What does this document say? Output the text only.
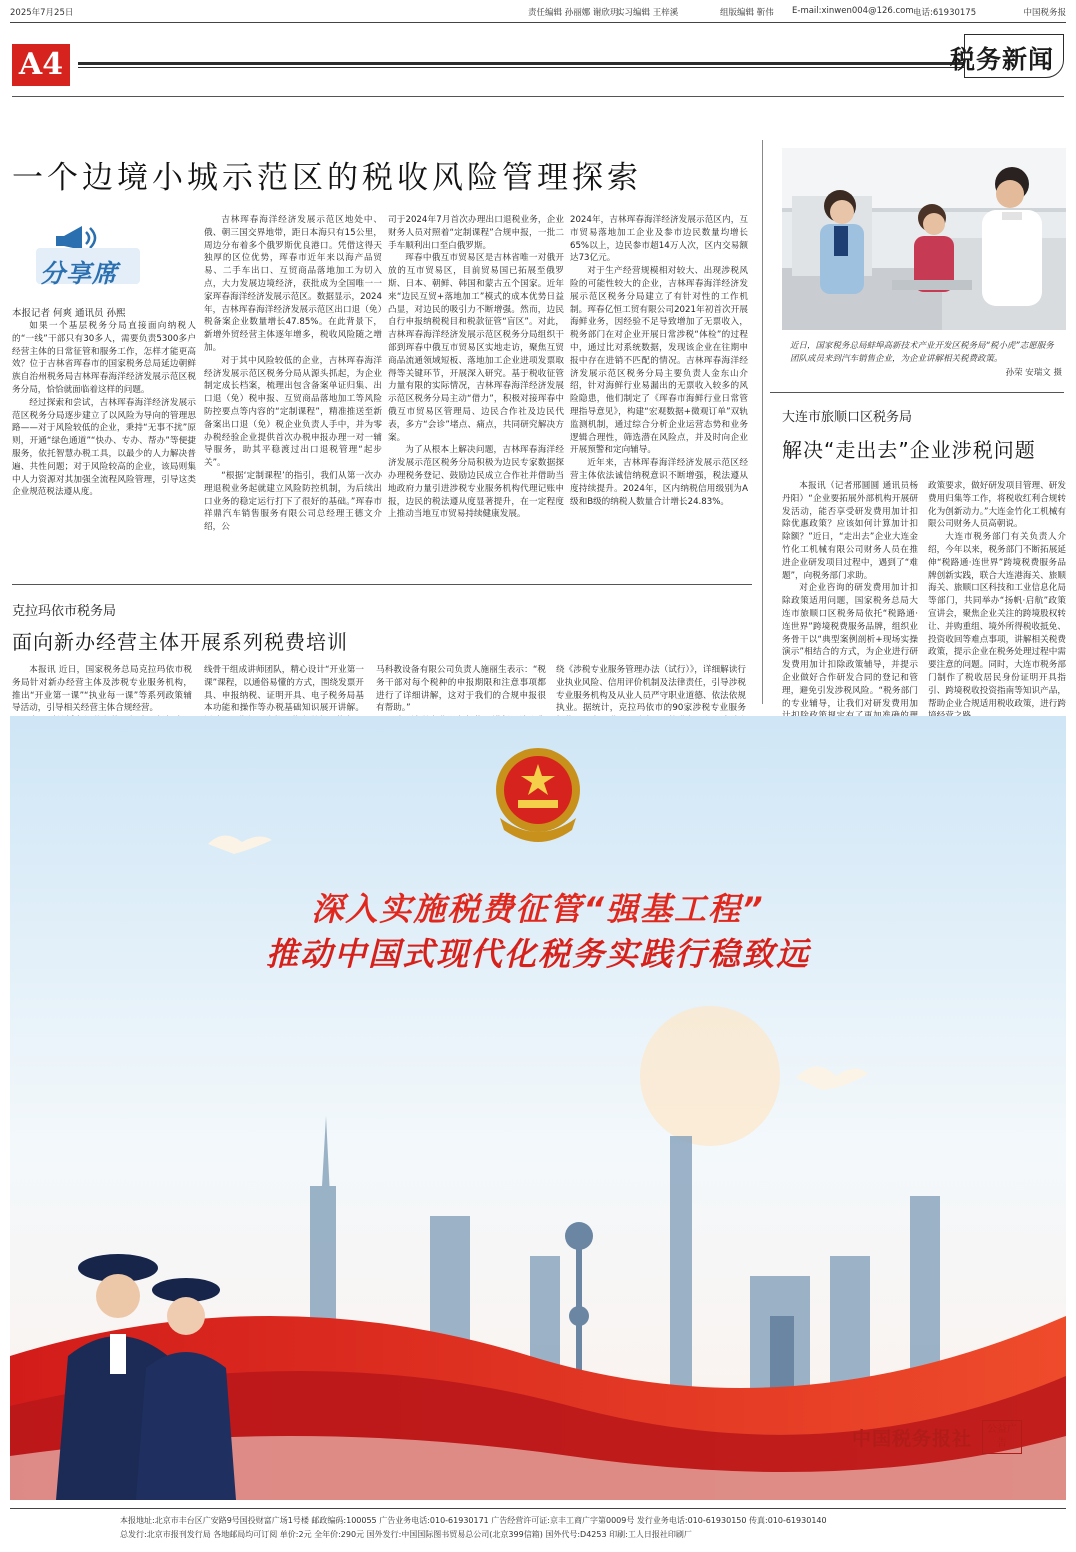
2025年7月25日	责任编辑 孙丽娜 谢欣玥
实习编辑 王梓溪	组版编辑 靳伟 E-mail:xinwen004@126.com 电话:61930175	中国税务报
A4	税务新闻
一个边境小城示范区的税收风险管理探索
分享席
本报记者 何爽 通讯员 孙熙

如果一个基层税务分局直接面向纳税人的“一线”干部只有30多人，需要负责5300多户经营主体的日常征管和服务工作，怎样才能更高效？位于吉林省珲春市的国家税务总局延边朝鲜族自治州税务局吉林珲春海洋经济发展示范区税务分局，恰恰就面临着这样的问题。

经过探索和尝试，吉林珲春海洋经济发展示范区税务分局逐步建立了以风险为导向的管理思路——对于风险较低的企业，秉持“无事不扰”原则，开通“绿色通道”“快办、专办、帮办”等便捷服务，依托智慧办税工具，以最少的人力解决普遍、共性问题；对于风险较高的企业，该局则集中人力资源对其加强全流程风险管理，引导这类企业规范税法遵从度。

吉林珲春海洋经济发展示范区地处中、俄、朝三国交界地带，距日本海只有15公里，周边分布着多个俄罗斯优良港口。凭借这得天独厚的区位优势，珲春市近年来以海产品贸易、二手车出口、互贸商品落地加工为切入点，大力发展边境经济，获批成为全国唯一一家珲春海洋经济发展示范区。数据显示，2024年，吉林珲春海洋经济发展示范区出口退（免）税备案企业数量增长47.85%。在此背景下，新增外贸经营主体逐年增多，税收风险随之增加。

对于其中风险较低的企业，吉林珲春海洋经济发展示范区税务分局从源头抓起，为企业制定成长档案，梳理出包含备案单证归集、出口退（免）税申报、互贸商品落地加工等风险防控要点等内容的“定制课程”，精准推送至新备案出口退（免）税企业负责人手中，并为零办税经验企业提供首次办税申报办理一对一辅导服务，助其平稳渡过出口退税管理“起步关”。

“根据‘定制课程’的指引，我们从第一次办理退税业务起就建立风险防控机制，为后续出口业务的稳定运行打下了很好的基础。”珲春市祥鼎汽车销售服务有限公司总经理王德文介绍，公

司于2024年7月首次办理出口退税业务，企业财务人员对照着“定制课程”合规申报，一批二手车顺利出口至白俄罗斯。

珲春中俄互市贸易区是吉林省唯一对俄开放的互市贸易区，目前贸易国已拓展至俄罗斯、日本、朝鲜、韩国和蒙古五个国家。近年来“边民互贸+落地加工”模式的成本优势日益凸显，对边民的吸引力不断增强。然而，边民自行申报纳税税目和税款征管“盲区”。对此，吉林珲春海洋经济发展示范区税务分局组织干部到珲春中俄互市贸易区实地走访，聚焦互贸商品流通领域短板、落地加工企业进项发票取得等关键环节，开展深入研究。基于税收征管力量有限的实际情况，吉林珲春海洋经济发展示范区税务分局主动“借力”，积极对接珲春中俄互市贸易区管理局、边民合作社及边民代表，多方“会诊”堵点、痛点，共同研究解决方案。

为了从根本上解决问题，吉林珲春海洋经济发展示范区税务分局积极为边民专家数据探办理税务登记、鼓励边民成立合作社并借助当地政府力量引进涉税专业服务机构代理记账申报，边民的税法遵从度显著提升，在一定程度上推动当地互市贸易持续健康发展。

2024年，吉林珲春海洋经济发展示范区内，互市贸易落地加工企业及参市边民数量均增长65%以上，边民参市超14万人次，区内交易额达73亿元。

对于生产经营规模相对较大、出现涉税风险的可能性较大的企业，吉林珲春海洋经济发展示范区税务分局建立了有针对性的工作机制。珲春亿恒工贸有限公司2021年初首次开展海鲜业务，因经验不足导致增加了无票收入，税务部门在对企业开展日常涉税“体检”的过程中，通过比对系统数据，发现该企业在往期申报中存在进销不匹配的情况。吉林珲春海洋经济发展示范区税务分局主要负责人金东山介绍，针对海鲜行业易漏出的无票收入较多的风险隐患，他们制定了《珲春市海鲜行业日常管理指导意见》，构建“宏观数据+微观订单”双轨监测机制，通过综合分析企业运营态势和业务逻辑合理性，筛选潜在风险点，并及时向企业开展预警和定向辅导。

近年来，吉林珲春海洋经济发展示范区经营主体依法诚信纳税意识不断增强，税法遵从度持续提升。2024年，区内纳税信用级别为A级和B级的纳税人数量合计增长24.83%。

近日，国家税务总局蚌埠高新技术产业开发区税务局“税小虎”志愿服务团队成员来到汽车销售企业，为企业讲解相关税费政策。
孙荣 安瑞文 摄
大连市旅顺口区税务局
解决“走出去”企业涉税问题

本报讯（记者邢圆圆 通讯员杨丹阳）“企业要拓展外部机构开展研发活动，能否享受研发费用加计扣除优惠政策？应该如何计算加计扣除额？”近日，“走出去”企业大连金竹化工机械有限公司财务人员在推进企业研发项目过程中，遇到了“难题”，向税务部门求助。

对企业咨询的研发费用加计扣除政策适用问题，国家税务总局大连市旅顺口区税务局依托“税路通·连世界”跨境税费服务品牌，组织业务骨干以“典型案例剖析+现场实操演示”相结合的方式，为企业进行研发费用加计扣除政策辅导，并提示企业做好合作研发合同的登记和管理，避免引发涉税风险。“税务部门的专业辅导，让我们对研发费用加

政策要求，做好研发项目管理、研发费用归集等工作，将税收红利合规转化为创新动力。”大连金竹化工机械有限公司财务人员高朝说。

大连市税务部门有关负责人介绍，今年以来，税务部门不断拓展延伸“税路通·连世界”跨境税费服务品牌创新实践，联合大连港海关、旅顺海关、旅顺口区科技和工业信息化局等部门，共同举办“扬帆·启航”政策宣讲会，聚焦企业关注的跨境股权转让、并购重组、境外所得税收抵免、投资收回等难点事项，讲解相关税费政策，提示企业在税务处理过程中需要注意的问题。同时，大连市税务部门制作了税收居民身份证明开具指引、跨境税收投资指南等知识产品，帮助企业合规适用税收政策，进行跨

克拉玛依市税务局
面向新办经营主体开展系列税费培训

本报讯 近日，国家税务总局克拉玛依市税务局针对新办经营主体及涉税专业服务机构，推出“开业第一课”“执业每一课”等系列政策辅导活动，引导相关经营主体合规经营。

线骨干组成讲师团队，精心设计“开业第一课”课程，以通俗易懂的方式，围绕发票开具、申报纳税、证明开具、电子税务局基本功能和操作等办税基础知识展开讲解。

马科教设备有限公司负责人施丽生表示：“税务干部对每个税种的申报期限和注意事项都进行了详细讲解，这对于我们的合规申报很有帮助。”

绕《涉税专业服务管理办法（试行）》，详细解读行业执业风险、信用评价机制及法律责任，引导涉税专业服务机构及从业人员严守职业道德、依法依规执业。据统计，克拉玛依市的90家涉税专业服务

深入实施税费征管“强基工程”
推动中国式现代化税务实践行稳致远
中国税务报社	公益广告
本报地址:北京市丰台区广安路9号国投财富广场1号楼 邮政编码:100055 广告业务电话:010-61930171 广告经营许可证:京丰工商广字第0009号 发行业务电话:010-61930150 传真:010-61930140
总发行:北京市报刊发行局 各地邮局均可订阅 单价:2元 全年价:290元 国外发行:中国国际图书贸易总公司(北京399信箱) 国外代号:D4253 印刷:工人日报社印刷厂
